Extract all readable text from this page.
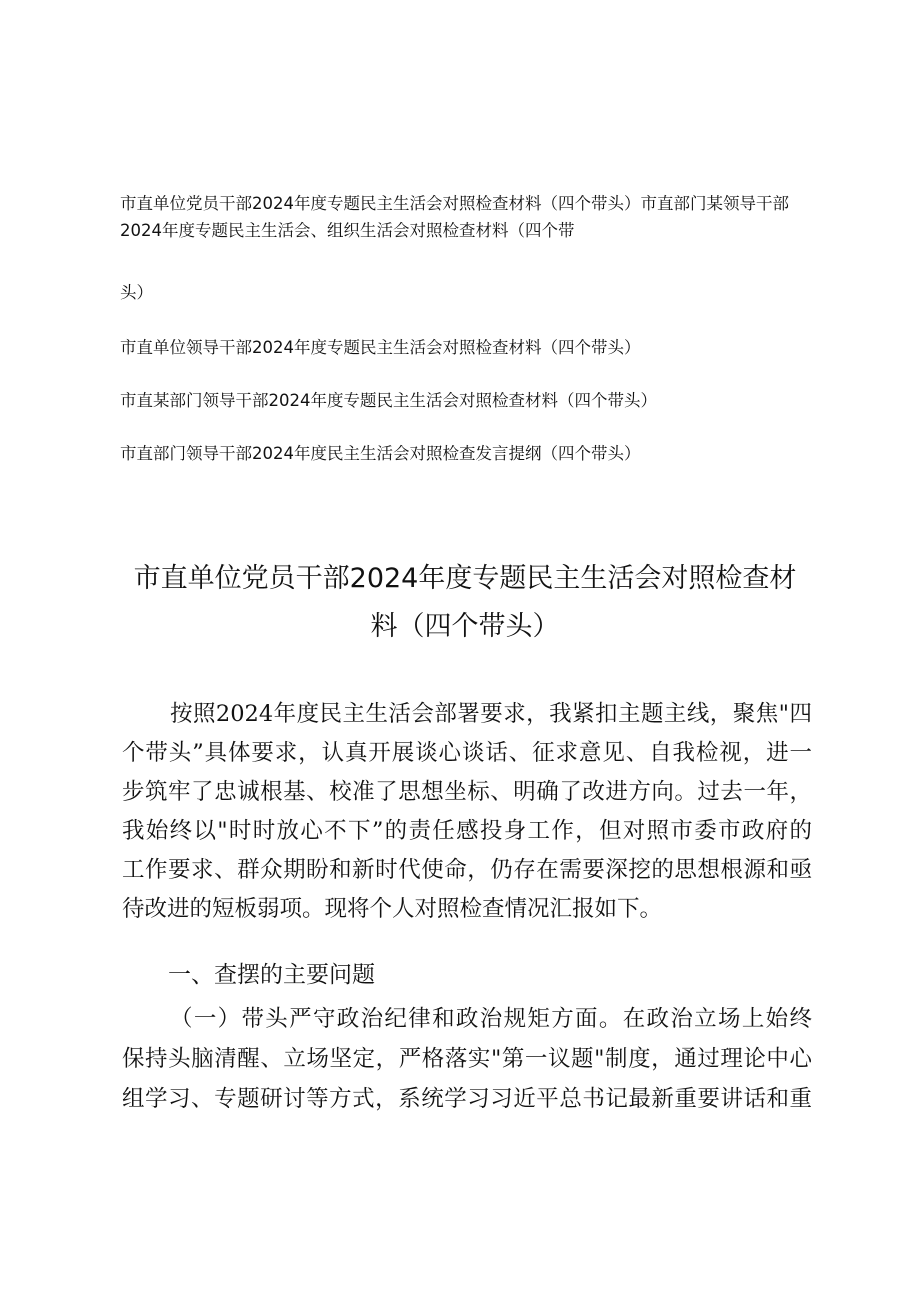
市直单位党员干部2024年度专题民主生活会对照检查材料（四个带头）市直部门某领导干部
2024年度专题民主生活会、组织生活会对照检查材料（四个带
头）

市直单位领导干部2024年度专题民主生活会对照检查材料（四个带头）

市直某部门领导干部2024年度专题民主生活会对照检查材料（四个带头）

市直部门领导干部2024年度民主生活会对照检查发言提纲（四个带头）

市直单位党员干部2024年度专题民主生活会对照检查材
料（四个带头）
按照2024年度民主生活会部署要求，我紧扣主题主线，聚焦"四
个带头”具体要求，认真开展谈心谈话、征求意见、自我检视，进一
步筑牢了忠诚根基、校准了思想坐标、明确了改进方向。过去一年，
我始终以"时时放心不下”的责任感投身工作，但对照市委市政府的
工作要求、群众期盼和新时代使命，仍存在需要深挖的思想根源和亟
待改进的短板弱项。现将个人对照检查情况汇报如下。
一、查摆的主要问题
（一）带头严守政治纪律和政治规矩方面。在政治立场上始终
保持头脑清醒、立场坚定，严格落实"第一议题"制度，通过理论中心
组学习、专题研讨等方式，系统学习习近平总书记最新重要讲话和重
